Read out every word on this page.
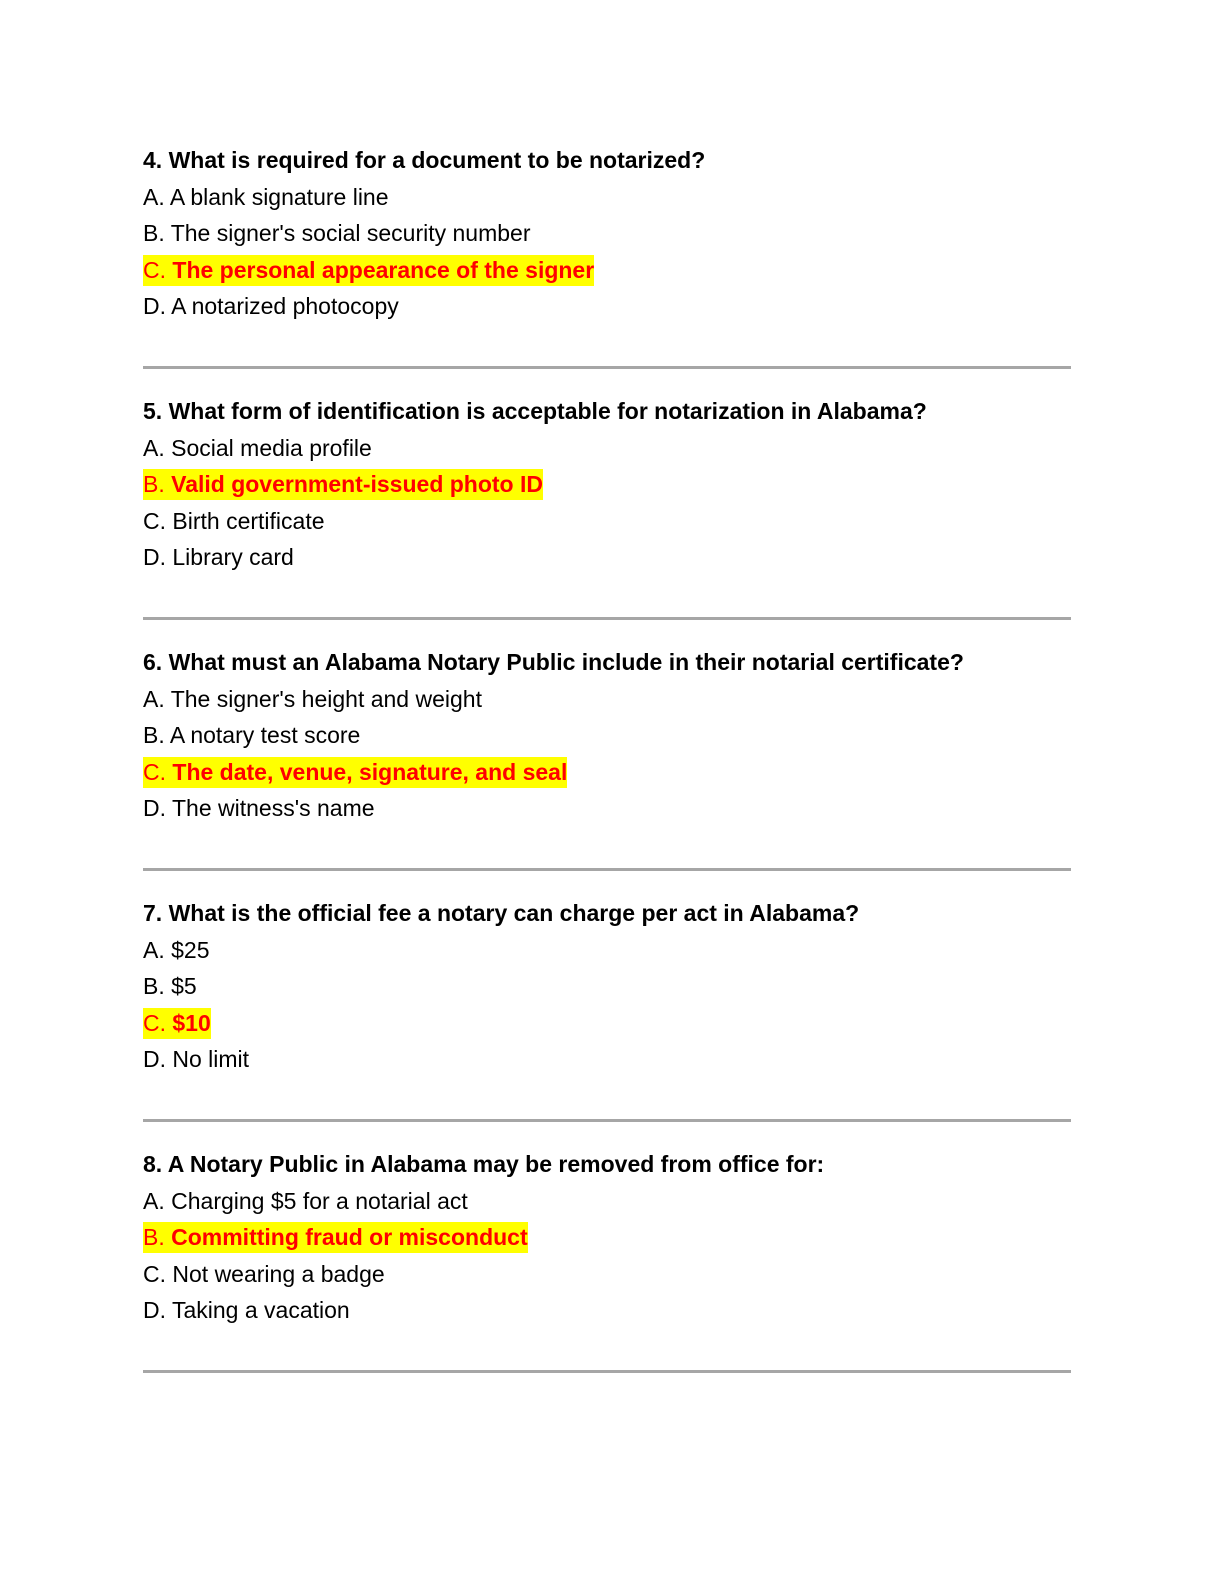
4. What is required for a document to be notarized?
A. A blank signature line
B. The signer's social security number
C. The personal appearance of the signer
D. A notarized photocopy
5. What form of identification is acceptable for notarization in Alabama?
A. Social media profile
B. Valid government-issued photo ID
C. Birth certificate
D. Library card
6. What must an Alabama Notary Public include in their notarial certificate?
A. The signer's height and weight
B. A notary test score
C. The date, venue, signature, and seal
D. The witness's name
7. What is the official fee a notary can charge per act in Alabama?
A. $25
B. $5
C. $10
D. No limit
8. A Notary Public in Alabama may be removed from office for:
A. Charging $5 for a notarial act
B. Committing fraud or misconduct
C. Not wearing a badge
D. Taking a vacation
